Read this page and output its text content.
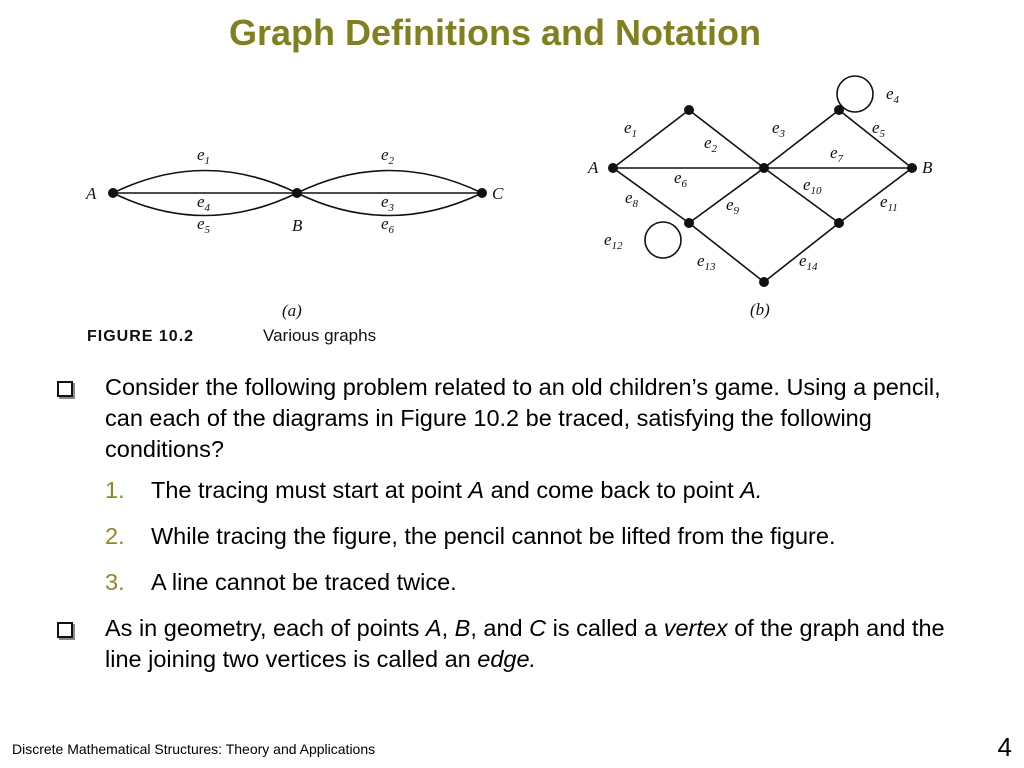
Graph Definitions and Notation
A
B
C
$e_1$	$e_2$
$e_3$
$e_4$
$e_5$	$e_6$
(a)
A	B
$e_1$	$e_2$
$e_3$
$e_4$
$e_5$
$e_6$
$e_7$
$e_8$	$e_9$
$e_{10}$
$e_{11}$
$e_{12}$
$e_{13}$	$e_{14}$
(b)
FIGURE 10.2	Various graphs
Consider the following problem related to an old children’s game. Using a pencil, can each of the diagrams in Figure 10.2 be traced, satisfying the following conditions?
1. The tracing must start at point A and come back to point A.
2. While tracing the figure, the pencil cannot be lifted from the figure.
3. A line cannot be traced twice.
As in geometry, each of points A, B, and C is called a vertex of the graph and the line joining two vertices is called an edge.
Discrete Mathematical Structures: Theory and Applications	4
